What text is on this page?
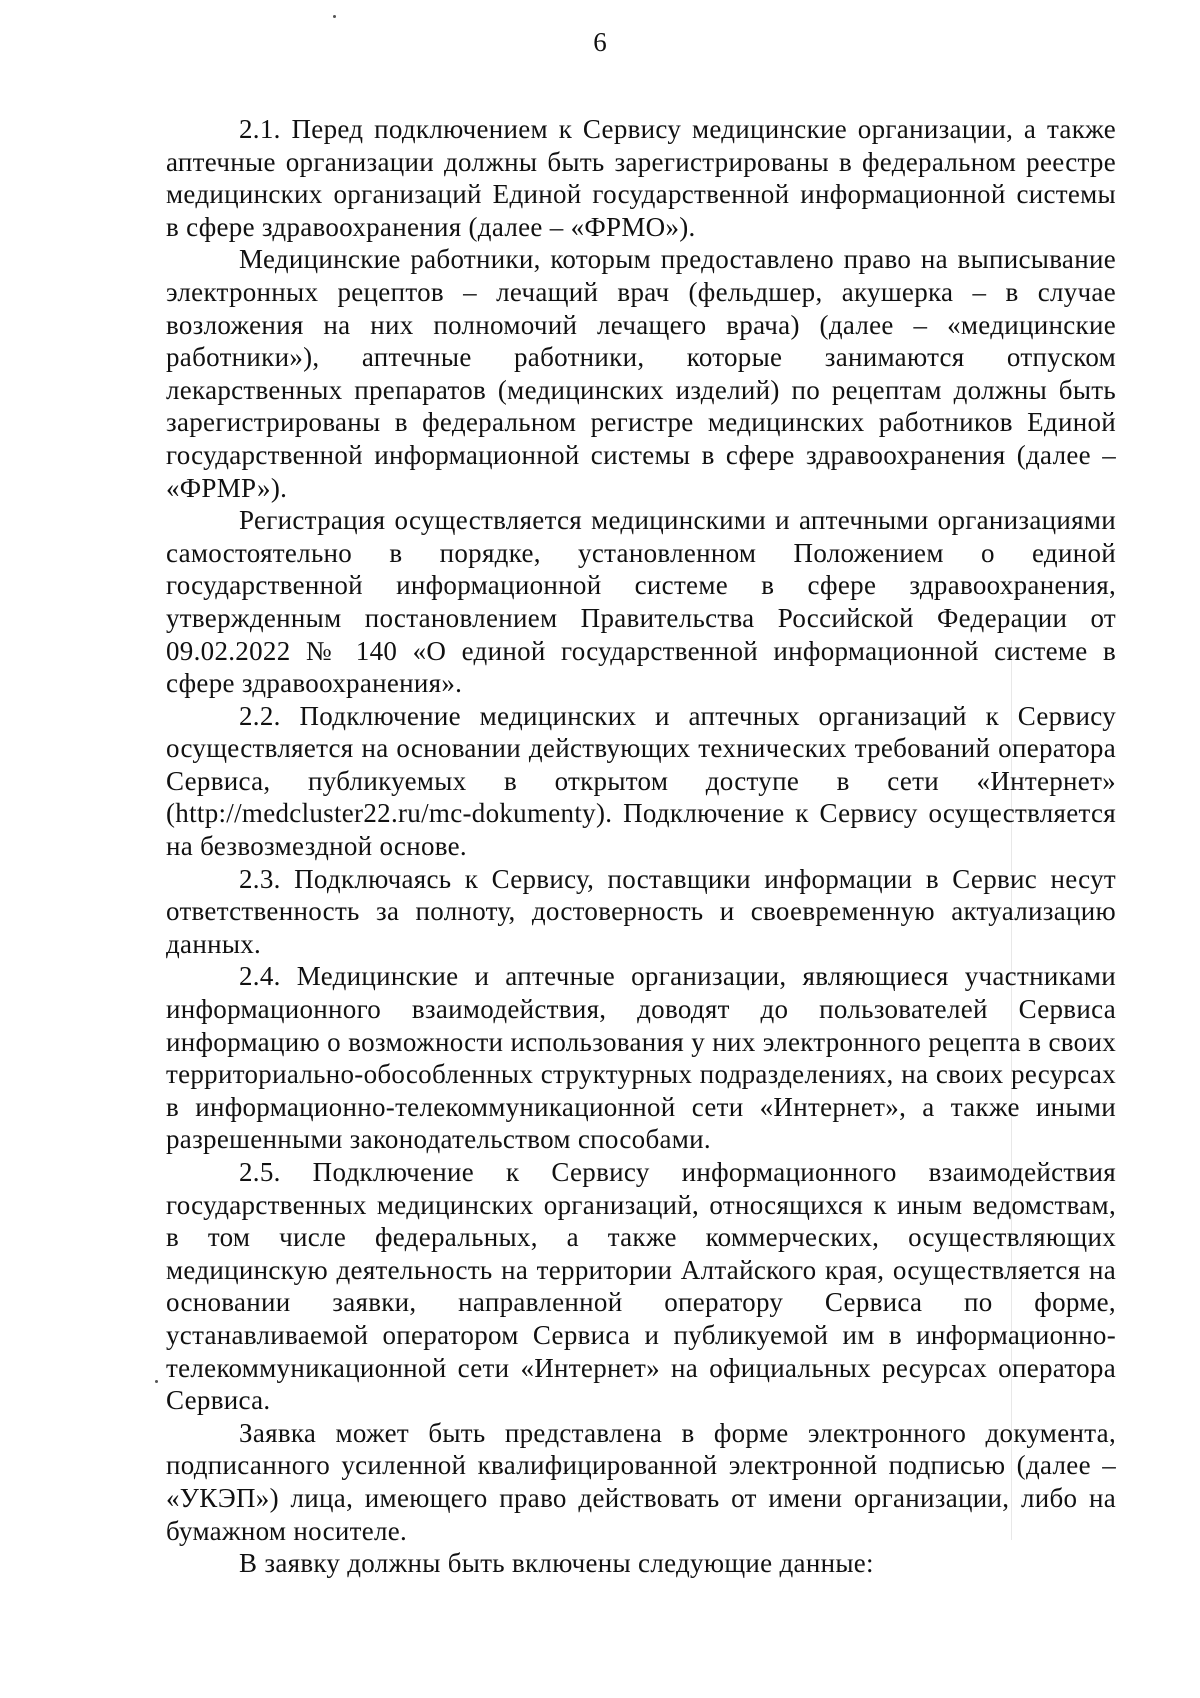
6

2.1. Перед подключением к Сервису медицинские организации, а также аптечные организации должны быть зарегистрированы в федеральном реестре медицинских организаций Единой государственной информационной системы в сфере здравоохранения (далее – «ФРМО»).

Медицинские работники, которым предоставлено право на выписывание электронных рецептов – лечащий врач (фельдшер, акушерка – в случае возложения на них полномочий лечащего врача) (далее – «медицинские работники»), аптечные работники, которые занимаются отпуском лекарственных препаратов (медицинских изделий) по рецептам должны быть зарегистрированы в федеральном регистре медицинских работников Единой государственной информационной системы в сфере здравоохранения (далее – «ФРМР»).

Регистрация осуществляется медицинскими и аптечными организациями самостоятельно в порядке, установленном Положением о единой государственной информационной системе в сфере здравоохранения, утвержденным постановлением Правительства Российской Федерации от 09.02.2022 № 140 «О единой государственной информационной системе в сфере здравоохранения».

2.2. Подключение медицинских и аптечных организаций к Сервису осуществляется на основании действующих технических требований оператора Сервиса, публикуемых в открытом доступе в сети «Интернет» (http://medcluster22.ru/mc-dokumenty). Подключение к Сервису осуществляется на безвозмездной основе.

2.3. Подключаясь к Сервису, поставщики информации в Сервис несут ответственность за полноту, достоверность и своевременную актуализацию данных.

2.4. Медицинские и аптечные организации, являющиеся участниками информационного взаимодействия, доводят до пользователей Сервиса информацию о возможности использования у них электронного рецепта в своих территориально-обособленных структурных подразделениях, на своих ресурсах в информационно-телекоммуникационной сети «Интернет», а также иными разрешенными законодательством способами.

2.5. Подключение к Сервису информационного взаимодействия государственных медицинских организаций, относящихся к иным ведомствам, в том числе федеральных, а также коммерческих, осуществляющих медицинскую деятельность на территории Алтайского края, осуществляется на основании заявки, направленной оператору Сервиса по форме, устанавливаемой оператором Сервиса и публикуемой им в информационно-телекоммуникационной сети «Интернет» на официальных ресурсах оператора Сервиса.

Заявка может быть представлена в форме электронного документа, подписанного усиленной квалифицированной электронной подписью (далее – «УКЭП») лица, имеющего право действовать от имени организации, либо на бумажном носителе.

В заявку должны быть включены следующие данные:
